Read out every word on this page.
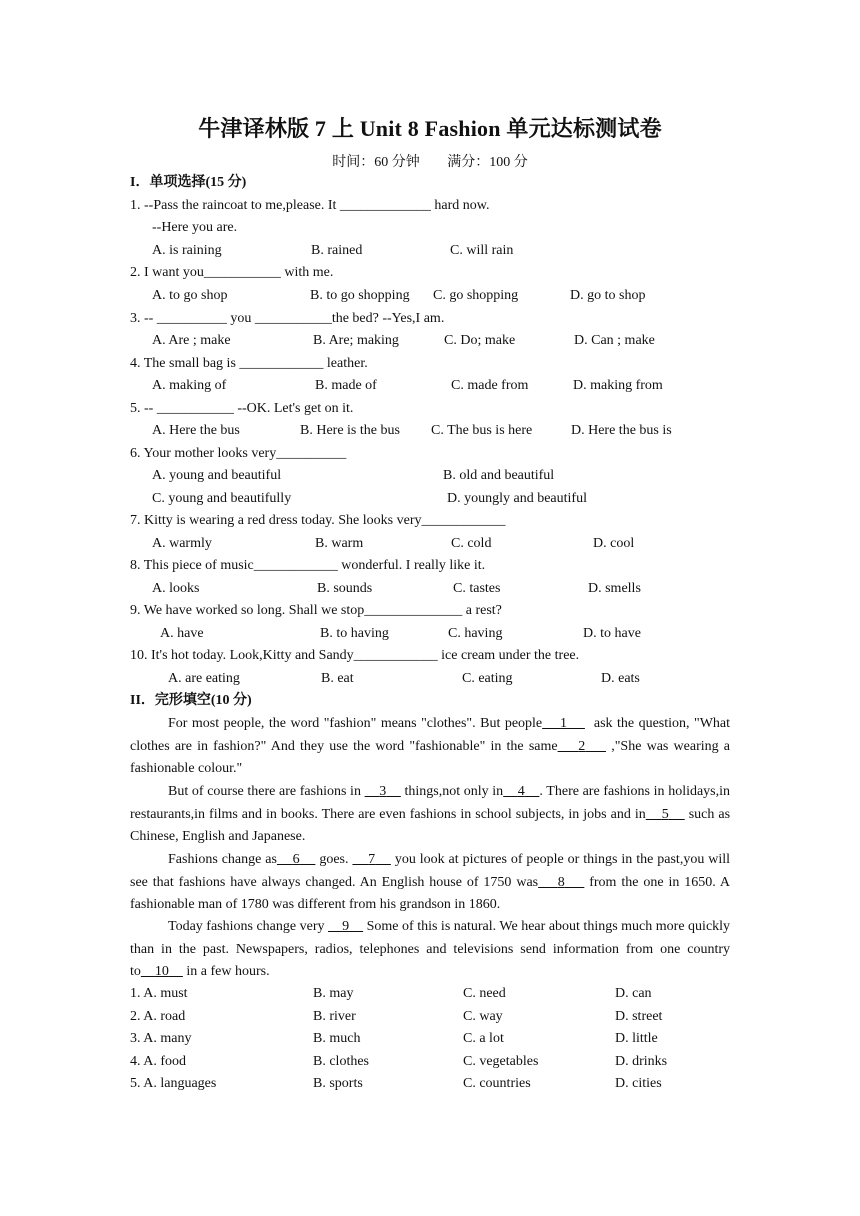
牛津译林版 7 上 Unit 8 Fashion 单元达标测试卷
时间：60 分钟 满分：100 分
I．单项选择(15 分)
1. --Pass the raincoat to me,please. It _____________ hard now.
--Here you are.
A. is raining	B. rained	C. will rain
2. I want you___________ with me.
A. to go shop	B. to go shopping C. go shopping	D. go to shop
3. -- __________ you ___________the bed? --Yes,I am.
A. Are ; make	B. Are; making	C. Do; make	D. Can ; make
4. The small bag is ____________ leather.
A. making of	B. made of	C. made from	D. making from
5. -- ___________ --OK. Let's get on it.
A. Here the bus	B. Here is the bus C. The bus is here	D. Here the bus is
6. Your mother looks very__________
A. young and beautiful	B. old and beautiful
C. young and beautifully	D. youngly and beautiful
7. Kitty is wearing a red dress today. She looks very____________
A. warmly	B. warm	C. cold	D. cool
8. This piece of music____________ wonderful. I really like it.
A. looks	B. sounds	C. tastes	D. smells
9. We have worked so long. Shall we stop______________ a rest?
A. have	B. to having	C. having	D. to have
10. It's hot today. Look,Kitty and Sandy____________ ice cream under the tree.
A. are eating	B. eat	C. eating	D. eats
II．完形填空(10 分)
For most people, the word "fashion" means "clothes". But people 1 ask the question, "What clothes are in fashion?" And they use the word "fashionable" in the same 2 ,"She was wearing a fashionable colour."
But of course there are fashions in 3 things,not only in 4 . There are fashions in holidays,in restaurants,in films and in books. There are even fashions in school subjects, in jobs and in 5 such as Chinese, English and Japanese.
Fashions change as 6 goes. 7 you look at pictures of people or things in the past,you will see that fashions have always changed. An English house of 1750 was 8 from the one in 1650. A fashionable man of 1780 was different from his grandson in 1860.
Today fashions change very 9 Some of this is natural. We hear about things much more quickly than in the past. Newspapers, radios, telephones and televisions send information from one country to 10 in a few hours.
1. A. must	B. may	C. need	D. can
2. A. road	B. river	C. way	D. street
3. A. many	B. much	C. a lot	D. little
4. A. food	B. clothes	C. vegetables	D. drinks
5. A. languages	B. sports	C. countries	D. cities
